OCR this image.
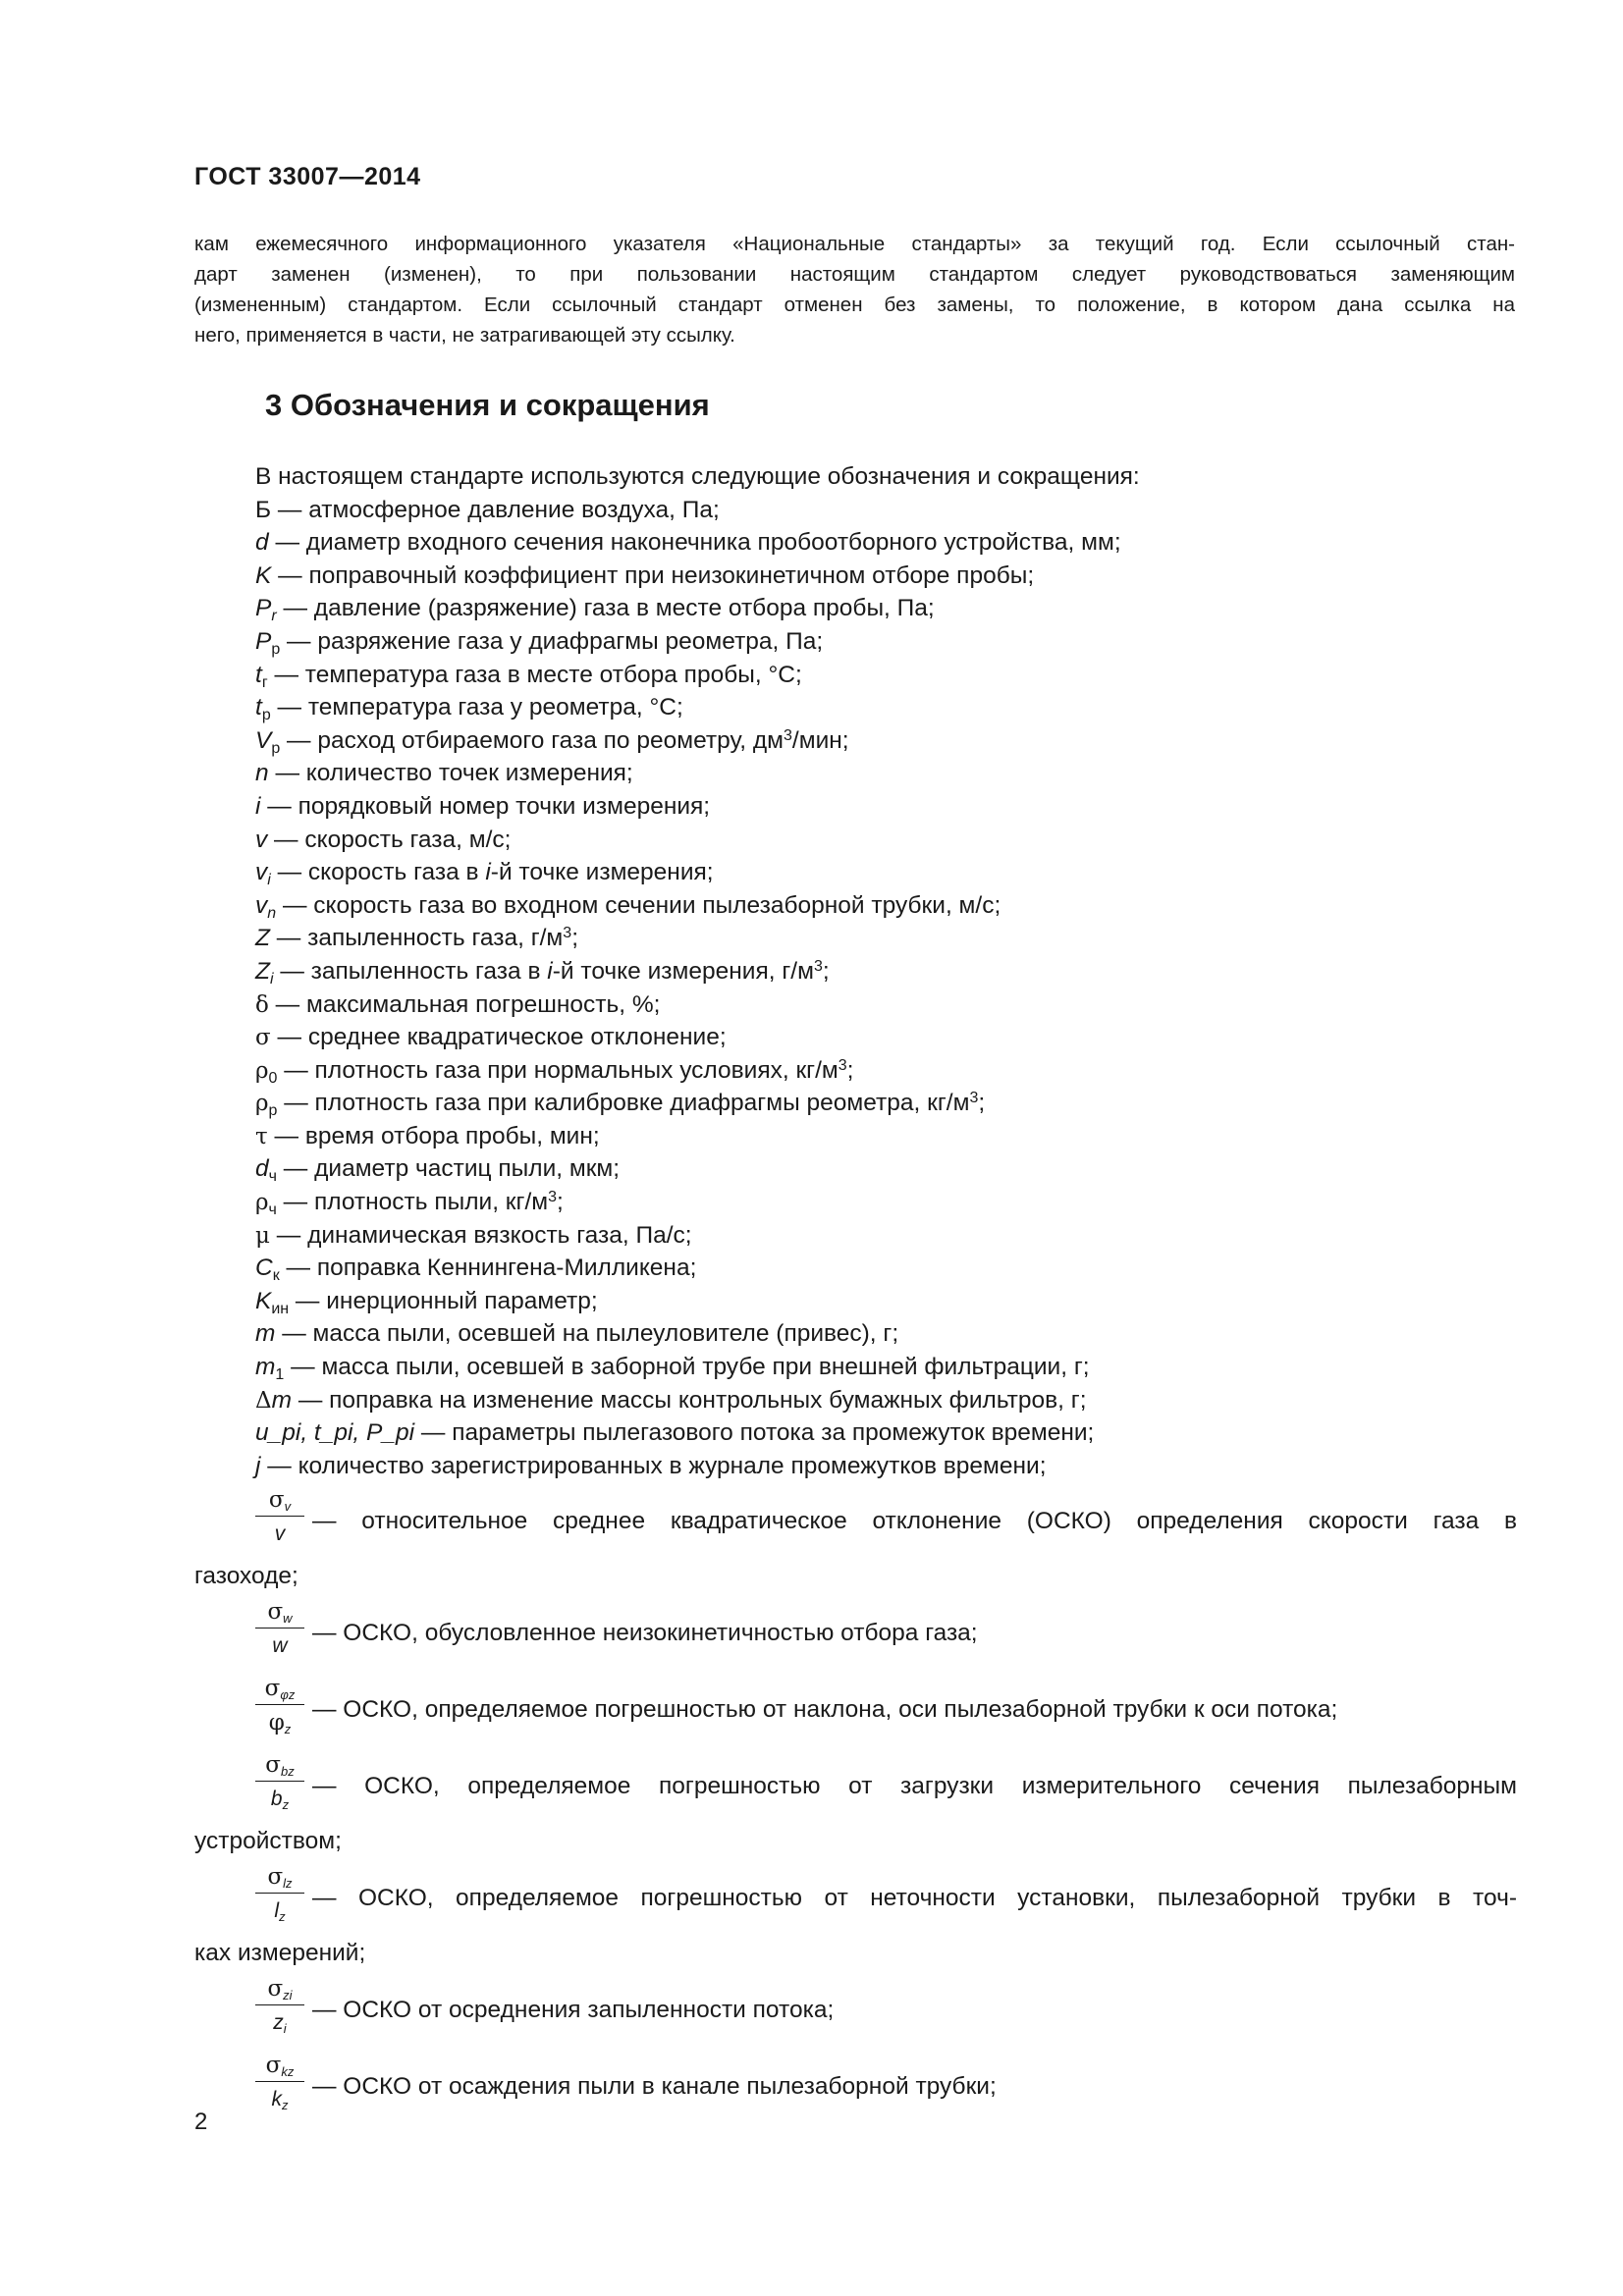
ГОСТ 33007—2014

кам ежемесячного информационного указателя «Национальные стандарты» за текущий год. Если ссылочный стан-

дарт заменен (изменен), то при пользовании настоящим стандартом следует руководствоваться заменяющим

(измененным) стандартом. Если ссылочный стандарт отменен без замены, то положение, в котором дана ссылка на

него, применяется в части, не затрагивающей эту ссылку.

3 Обозначения и сокращения
В настоящем стандарте используются следующие обозначения и сокращения:
Б — атмосферное давление воздуха, Па;
d — диаметр входного сечения наконечника пробоотборного устройства, мм;
K — поправочный коэффициент при неизокинетичном отборе пробы;
$P_r$ — давление (разряжение) газа в месте отбора пробы, Па;
$P_р$ — разряжение газа у диафрагмы реометра, Па;
$t_г$ — температура газа в месте отбора пробы, °С;
$t_р$ — температура газа у реометра, °С;
$V_р$ — расход отбираемого газа по реометру, $дм^3$/мин;
n — количество точек измерения;
i — порядковый номер точки измерения;
v — скорость газа, м/с;
$v_i$ — скорость газа в i-й точке измерения;
$v_n$ — скорость газа во входном сечении пылезаборной трубки, м/с;
Z — запыленность газа, $г/м^3$;
$Z_i$ — запыленность газа в i-й точке измерения, $г/м^3$;
δ — максимальная погрешность, %;
σ — среднее квадратическое отклонение;
$\rho_0$ — плотность газа при нормальных условиях, $кг/м^3$;
$\rho_р$ — плотность газа при калибровке диафрагмы реометра, $кг/м^3$;
τ — время отбора пробы, мин;
$d_ч$ — диаметр частиц пыли, мкм;
$\rho_ч$ — плотность пыли, $кг/м^3$;
μ — динамическая вязкость газа, Па/с;
$C_к$ — поправка Кеннингена-Милликена;
$K_{ин}$ — инерционный параметр;
m — масса пыли, осевшей на пылеуловителе (привес), г;
$m_1$ — масса пыли, осевшей в заборной трубе при внешней фильтрации, г;
Δm — поправка на изменение массы контрольных бумажных фильтров, г;
u_pi, t_pi, P_pi — параметры пылегазового потока за промежуток времени;
j — количество зарегистрированных в журнале промежутков времени;
$\sigma_v$
v	— относительное среднее квадратическое отклонение (ОСКО) определения скорости газа в
газоходе;
$\sigma_w$
w	— ОСКО, обусловленное неизокинетичностью отбора газа;
$\sigma_{\varphi z}$
$\varphi_z$
— ОСКО, определяемое погрешностью от наклона, оси пылезаборной трубки к оси потока;
$\sigma_{bz}$
$b_z$
— ОСКО, определяемое погрешностью от загрузки измерительного сечения пылезаборным
устройством;
$\sigma_{lz}$
$l_z$
— ОСКО, определяемое погрешностью от неточности установки, пылезаборной трубки в точ-
ках измерений;
$\sigma_{zi}$
$z_i$
— ОСКО от осреднения запыленности потока;
$\sigma_{kz}$
$k_z$
— ОСКО от осаждения пыли в канале пылезаборной трубки;
2
